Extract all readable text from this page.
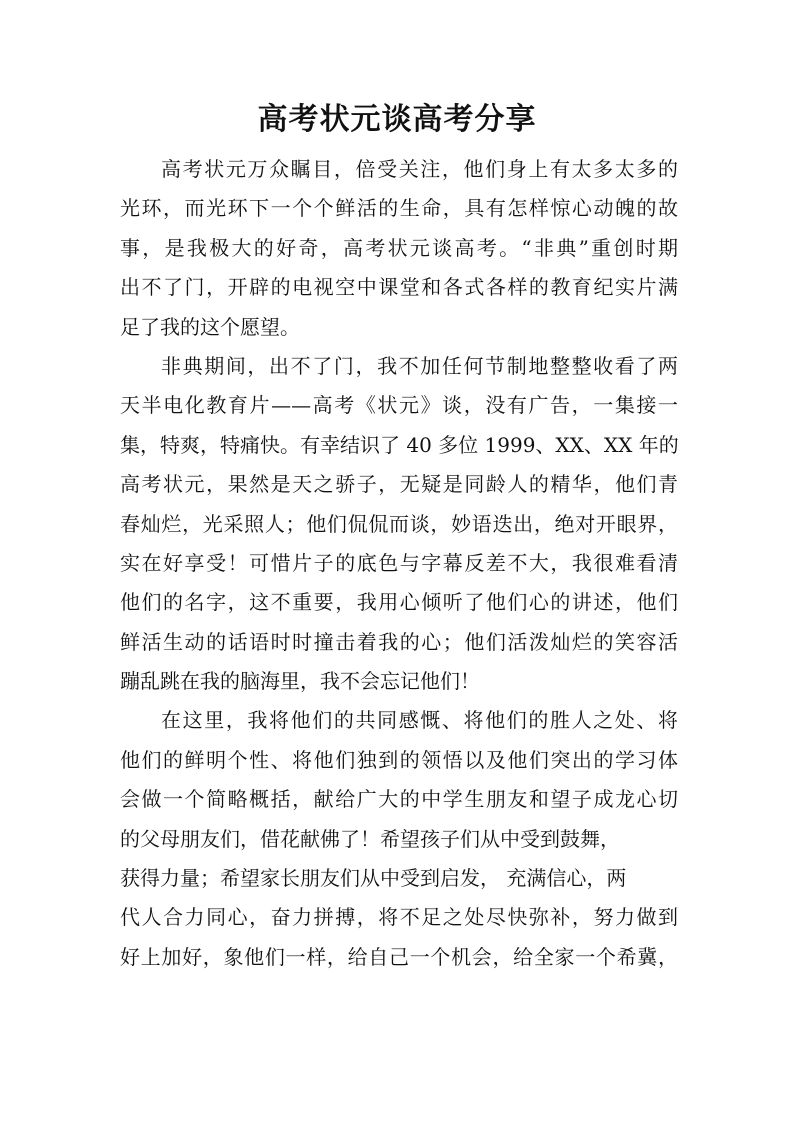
高考状元谈高考分享
高考状元万众瞩目，倍受关注，他们身上有太多太多的
光环，而光环下一个个鲜活的生命，具有怎样惊心动魄的故
事，是我极大的好奇，高考状元谈高考。“非典”重创时期
出不了门，开辟的电视空中课堂和各式各样的教育纪实片满
足了我的这个愿望。
非典期间，出不了门，我不加任何节制地整整收看了两
天半电化教育片——高考《状元》谈，没有广告，一集接一
集，特爽，特痛快。有幸结识了 40 多位 1999、XX、XX 年的
高考状元，果然是天之骄子，无疑是同龄人的精华，他们青
春灿烂，光采照人；他们侃侃而谈，妙语迭出，绝对开眼界，
实在好享受！可惜片子的底色与字幕反差不大，我很难看清
他们的名字，这不重要，我用心倾听了他们心的讲述，他们
鲜活生动的话语时时撞击着我的心；他们活泼灿烂的笑容活
蹦乱跳在我的脑海里，我不会忘记他们！
在这里，我将他们的共同感慨、将他们的胜人之处、将
他们的鲜明个性、将他们独到的领悟以及他们突出的学习体
会做一个简略概括，献给广大的中学生朋友和望子成龙心切
的父母朋友们，借花献佛了！希望孩子们从中受到鼓舞，
获得力量；希望家长朋友们从中受到启发， 充满信心，两
代人合力同心，奋力拼搏，将不足之处尽快弥补，努力做到
好上加好，象他们一样，给自己一个机会，给全家一个希冀，
